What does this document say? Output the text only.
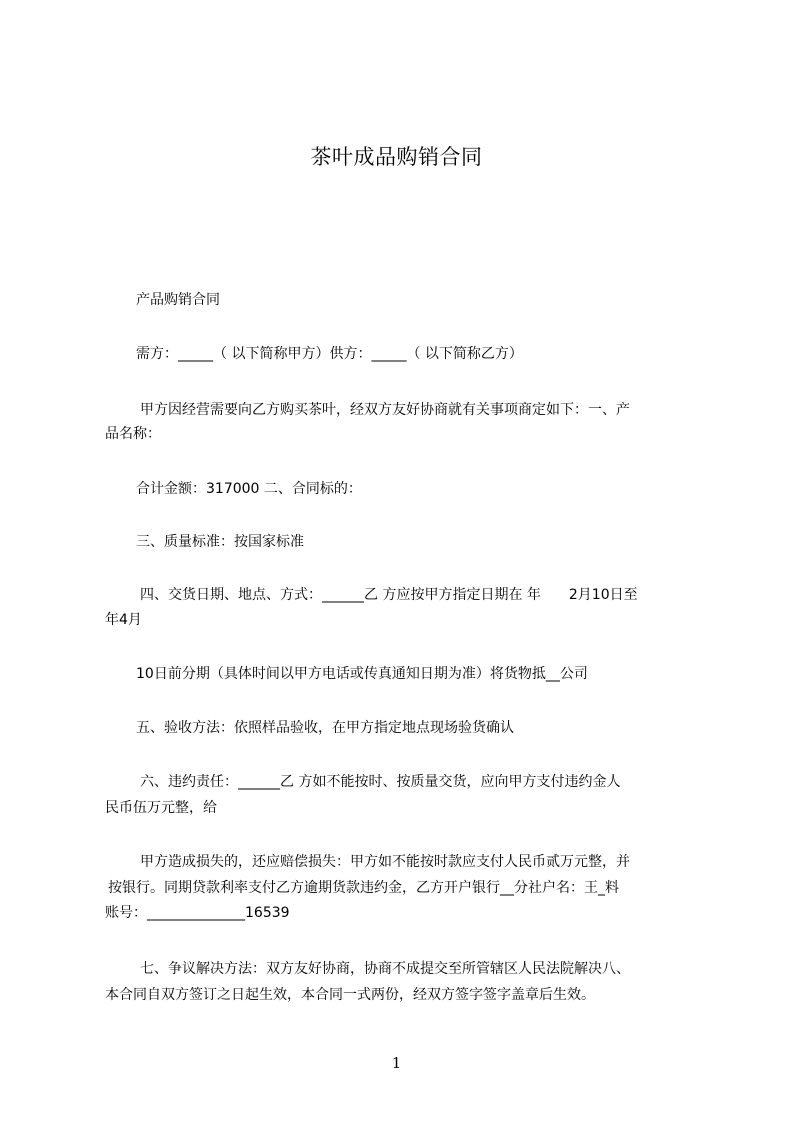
茶叶成品购销合同
产品购销合同
需方：_____（ 以下简称甲方）供方：_____（ 以下简称乙方）
甲方因经营需要向乙方购买茶叶，经双方友好协商就有关事项商定如下：一、产
品名称：
合计金额：317000 二、合同标的：
三、质量标准：按国家标准
四、交货日期、地点、方式：______乙 方应按甲方指定日期在 年　　2月10日至
年4月
10日前分期（具体时间以甲方电话或传真通知日期为准）将货物抵__公司
五、验收方法：依照样品验收，在甲方指定地点现场验货确认
六、违约责任：______乙 方如不能按时、按质量交货，应向甲方支付违约金人
民币伍万元整，给
甲方造成损失的，还应赔偿损失：甲方如不能按时款应支付人民币贰万元整，并
按银行。同期贷款利率支付乙方逾期货款违约金，乙方开户银行__分社户名：王_料
账号：______________16539
七、争议解决方法：双方友好协商，协商不成提交至所管辖区人民法院解决八、
本合同自双方签订之日起生效，本合同一式两份，经双方签字签字盖章后生效。
1
